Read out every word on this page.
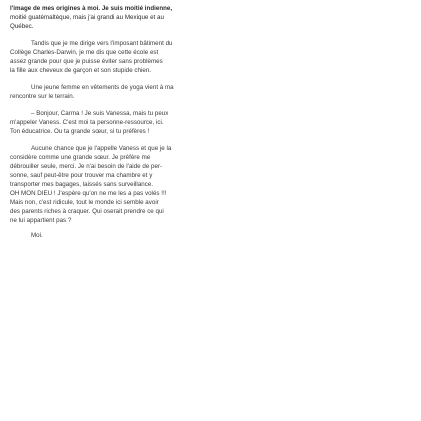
l'image de mes origines à moi. Je suis moitié indienne,
moitié guatémaltèque, mais j'ai grandi au Mexique et au
Québec.

Tandis que je me dirige vers l'imposant bâtiment du
Collège Charles-Darwin, je me dis que cette école est
assez grande pour que je puisse éviter sans problèmes
la fille aux cheveux de garçon et son stupide chien.

Une jeune femme en vêtements de yoga vient à ma
rencontre sur le terrain.

– Bonjour, Carma ! Je suis Vanessa, mais tu peux
m'appeler Vaness. C'est moi ta personne-ressource, ici.
Ton éducatrice. Ou ta grande sœur, si tu préfères !

Aucune chance que je l'appelle Vaness et que je la
considère comme une grande sœur. Je préfère me
débrouiller seule, merci. Je n'ai besoin de l'aide de per-
sonne, sauf peut-être pour trouver ma chambre et y
transporter mes bagages, laissés sans surveillance.
OH MON DIEU ! J'espère qu'on ne me les a pas volés !!!
Mais non, c'est ridicule, tout le monde ici semble avoir
des parents riches à craquer. Qui oserait prendre ce qui
ne lui appartient pas ?

Moi.
